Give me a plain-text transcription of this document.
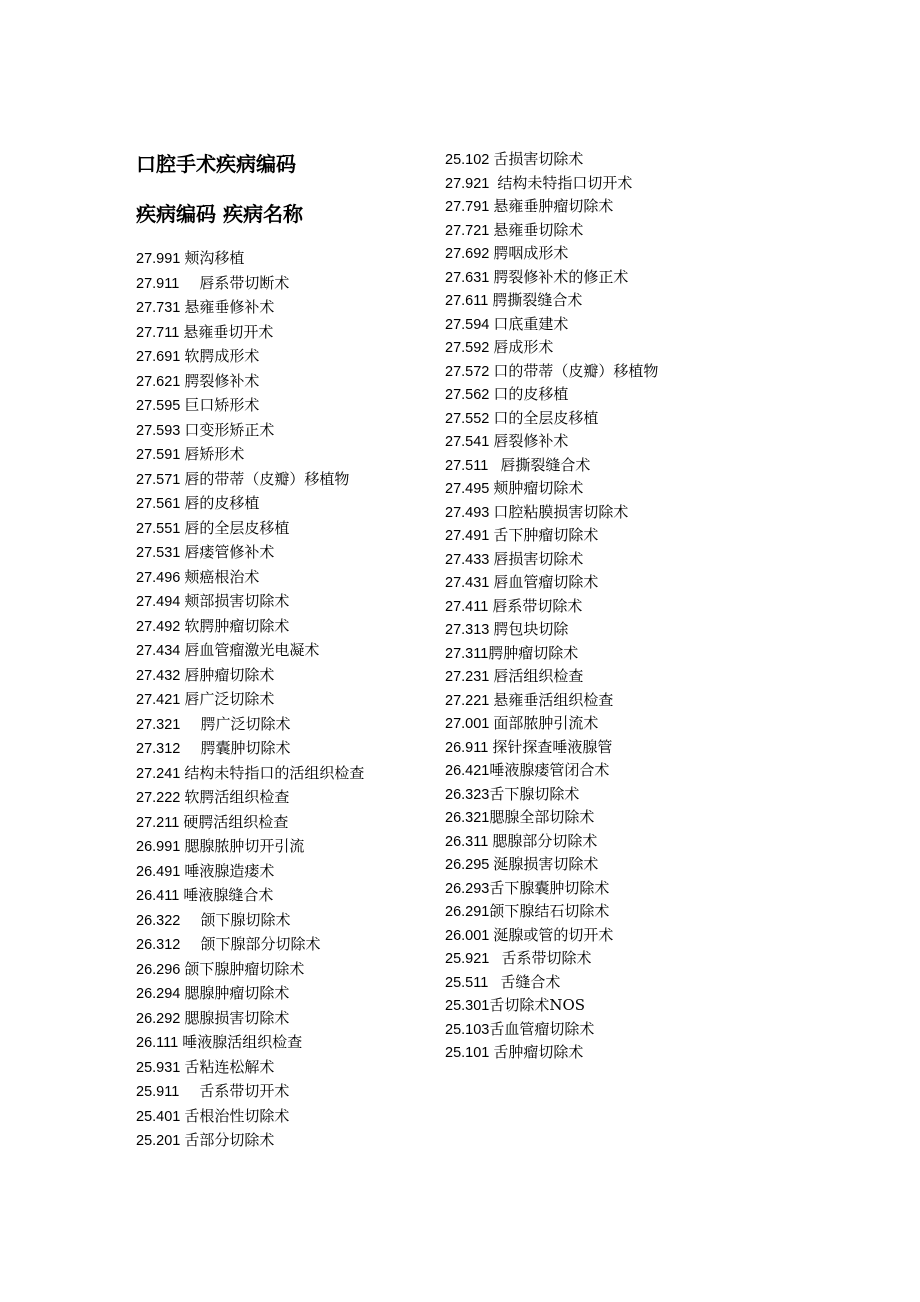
口腔手术疾病编码
疾病编码 疾病名称
27.991 颊沟移植
27.911     唇系带切断术
27.731 悬雍垂修补术
27.711 悬雍垂切开术
27.691 软腭成形术
27.621 腭裂修补术
27.595 巨口矫形术
27.593 口变形矫正术
27.591 唇矫形术
27.571 唇的带蒂（皮瓣）移植物
27.561 唇的皮移植
27.551 唇的全层皮移植
27.531 唇瘘管修补术
27.496 颊癌根治术
27.494 颊部损害切除术
27.492 软腭肿瘤切除术
27.434 唇血管瘤激光电凝术
27.432 唇肿瘤切除术
27.421 唇广泛切除术
27.321     腭广泛切除术
27.312     腭囊肿切除术
27.241 结构未特指口的活组织检查
27.222 软腭活组织检查
27.211 硬腭活组织检查
26.991 腮腺脓肿切开引流
26.491 唾液腺造瘘术
26.411 唾液腺缝合术
26.322     颌下腺切除术
26.312     颌下腺部分切除术
26.296 颌下腺肿瘤切除术
26.294 腮腺肿瘤切除术
26.292 腮腺损害切除术
26.111 唾液腺活组织检查
25.931 舌粘连松解术
25.911     舌系带切开术
25.401 舌根治性切除术
25.201 舌部分切除术
25.102 舌损害切除术
27.921  结构未特指口切开术
27.791 悬雍垂肿瘤切除术
27.721 悬雍垂切除术
27.692 腭咽成形术
27.631 腭裂修补术的修正术
27.611 腭撕裂缝合术
27.594 口底重建术
27.592 唇成形术
27.572 口的带蒂（皮瓣）移植物
27.562 口的皮移植
27.552 口的全层皮移植
27.541 唇裂修补术
27.511   唇撕裂缝合术
27.495 颊肿瘤切除术
27.493 口腔粘膜损害切除术
27.491 舌下肿瘤切除术
27.433 唇损害切除术
27.431 唇血管瘤切除术
27.411 唇系带切除术
27.313 腭包块切除
27.311腭肿瘤切除术
27.231 唇活组织检查
27.221 悬雍垂活组织检查
27.001 面部脓肿引流术
26.911 探针探查唾液腺管
26.421唾液腺瘘管闭合术
26.323舌下腺切除术
26.321腮腺全部切除术
26.311 腮腺部分切除术
26.295 涎腺损害切除术
26.293舌下腺囊肿切除术
26.291颌下腺结石切除术
26.001 涎腺或管的切开术
25.921   舌系带切除术
25.511   舌缝合术
25.301舌切除术NOS
25.103舌血管瘤切除术
25.101 舌肿瘤切除术
